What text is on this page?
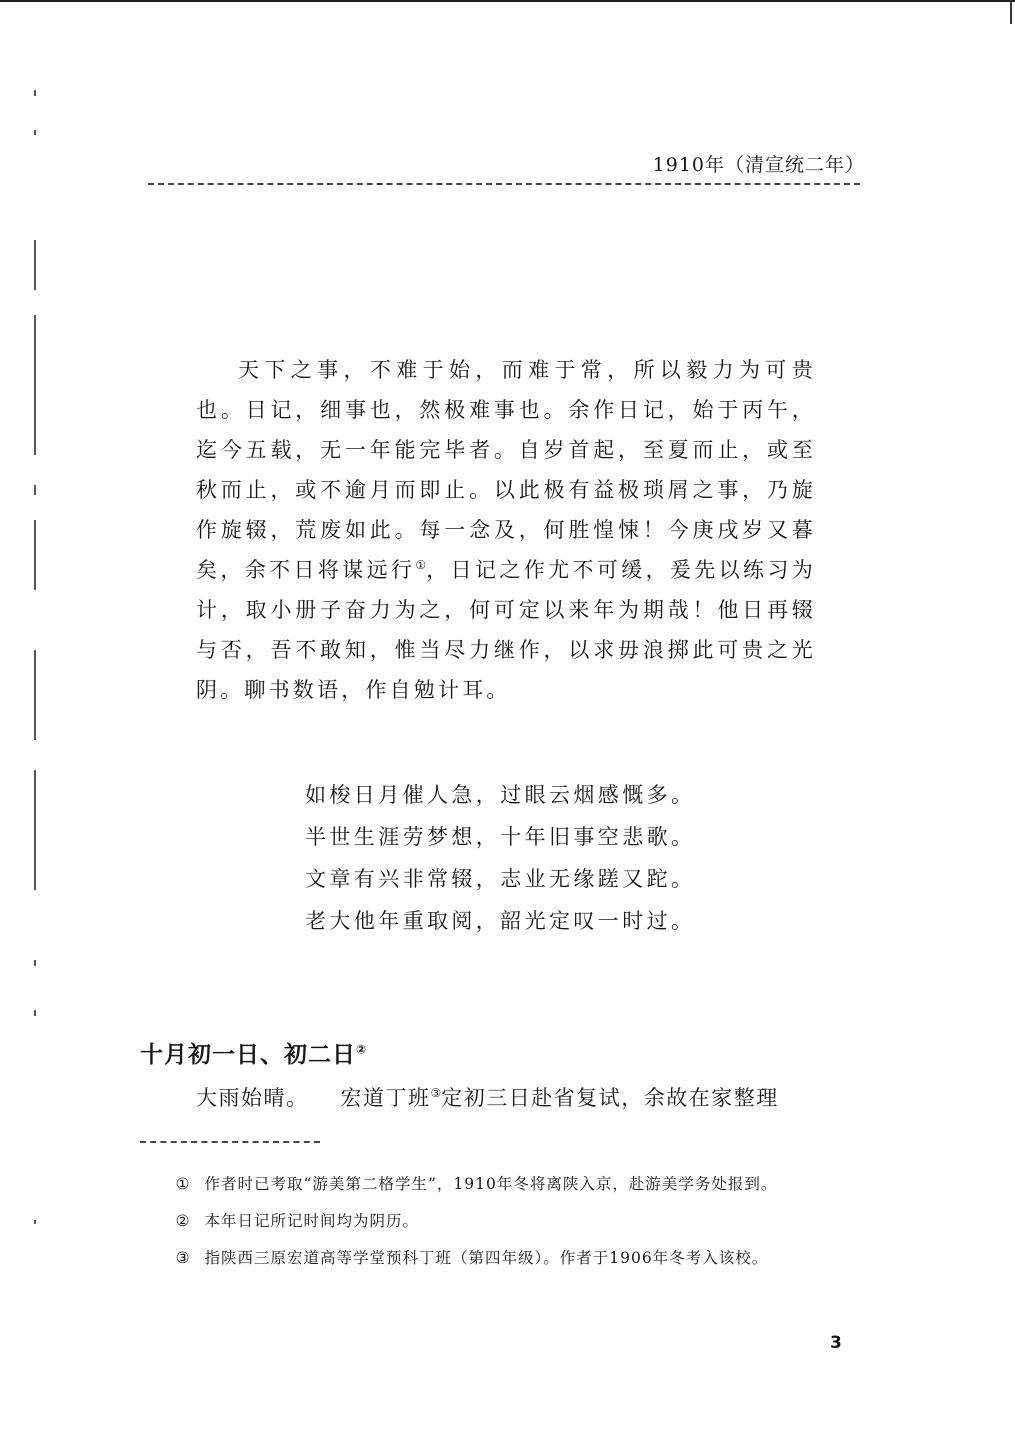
1910年（清宣统二年）

天下之事，不难于始，而难于常，所以毅力为可贵也。日记，细事也，然极难事也。余作日记，始于丙午，迄今五载，无一年能完毕者。自岁首起，至夏而止，或至秋而止，或不逾月而即止。以此极有益极琐屑之事，乃旋作旋辍，荒废如此。每一念及，何胜惶悚！今庚戌岁又暮矣，余不日将谋远行①，日记之作尤不可缓，爰先以练习为计，取小册子奋力为之，何可定以来年为期哉！他日再辍与否，吾不敢知，惟当尽力继作，以求毋浪掷此可贵之光阴。聊书数语，作自勉计耳。

如梭日月催人急，过眼云烟感慨多。
半世生涯劳梦想，十年旧事空悲歌。
文章有兴非常辍，志业无缘蹉又跎。
老大他年重取阅，韶光定叹一时过。
十月初一日、初二日②
大雨始晴。 宏道丁班③定初三日赴省复试，余故在家整理

① 作者时已考取“游美第二格学生”，1910年冬将离陕入京，赴游美学务处报到。

② 本年日记所记时间均为阴历。

③ 指陕西三原宏道高等学堂预科丁班（第四年级）。作者于1906年冬考入该校。

3
